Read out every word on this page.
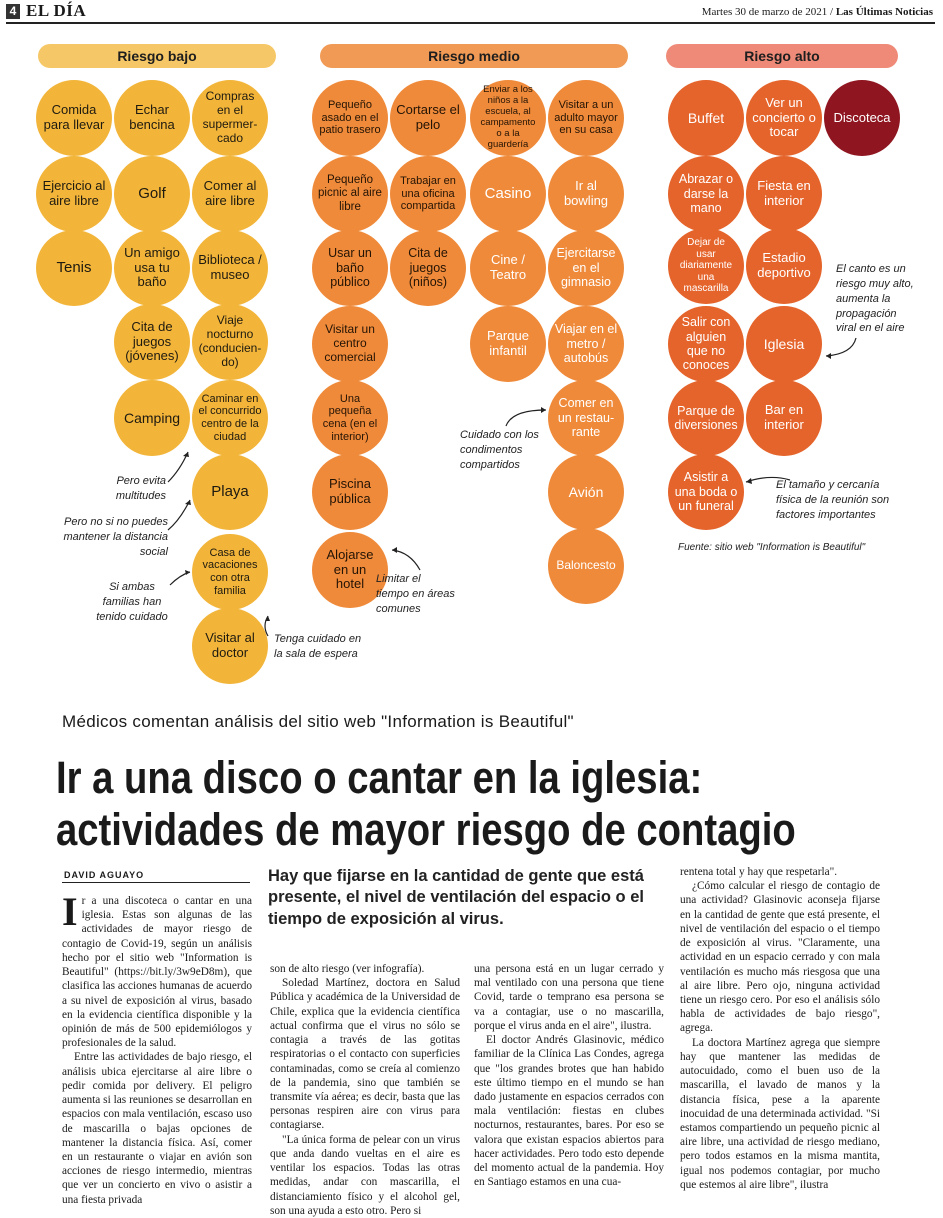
4 EL DÍA	Martes 30 de marzo de 2021 / Las Últimas Noticias
Riesgo bajo	Riesgo medio	Riesgo alto
Comida para llevar
Echar bencina
Compras en el supermer-cado
Ejercicio al aire libre	Golf	Comer al aire libre
Tenis
Un amigo usa tu baño
Biblioteca / museo
Cita de juegos (jóvenes)
Viaje nocturno (conducien-do)
Camping
Caminar en el concurrido centro de la ciudad
Playa
Casa de vacaciones con otra familia
Visitar al doctor
Pequeño asado en el patio trasero
Cortarse el pelo
Enviar a los niños a la escuela, al campamento o a la guardería
Visitar a un adulto mayor en su casa
Pequeño picnic al aire libre
Trabajar en una oficina compartida
Casino	Ir al bowling
Usar un baño público
Cita de juegos (niños)
Cine / Teatro
Ejercitarse en el gimnasio
Visitar un centro comercial
Parque infantil
Viajar en el metro / autobús
Una pequeña cena (en el interior)
Comer en un restau-rante
Piscina pública	Avión
Alojarse en un hotel
Baloncesto
Buffet
Ver un concierto o tocar
Discoteca
Abrazar o darse la mano
Fiesta en interior
Dejar de usar diariamente una mascarilla
Estadio deportivo
Salir con alguien que no conoces
Iglesia
Parque de diversiones
Bar en interior
Asistir a una boda o un funeral
Pero evita multitudes
Pero no si no puedes mantener la distancia social
Si ambas familias han tenido cuidado
Tenga cuidado en la sala de espera
Limitar el tiempo en áreas comunes
Cuidado con los condimentos compartidos
El canto es un riesgo muy alto, aumenta la propagación viral en el aire
El tamaño y cercanía física de la reunión son factores importantes
Fuente: sitio web "Information is Beautiful"
Médicos comentan análisis del sitio web "Information is Beautiful"
Ir a una disco o cantar en la iglesia:
actividades de mayor riesgo de contagio
DAVID AGUAYO	Hay que fijarse en la cantidad de gente que está presente, el nivel de ventilación del espacio o el tiempo de exposición al virus.

Ir a una discoteca o cantar en una iglesia. Estas son algunas de las actividades de mayor riesgo de contagio de Covid-19, según un análisis hecho por el sitio web "Information is Beautiful" (https://bit.ly/3w9eD8m), que clasifica las acciones humanas de acuerdo a su nivel de exposición al virus, basado en la evidencia científica disponible y la opinión de más de 500 epidemiólogos y profesionales de la salud.

Entre las actividades de bajo riesgo, el análisis ubica ejercitarse al aire libre o pedir comida por delivery. El peligro aumenta si las reuniones se desarrollan en espacios con mala ventilación, escaso uso de mascarilla o bajas opciones de mantener la distancia física. Así, comer en un restaurante o viajar en avión son acciones de riesgo intermedio, mientras que ver un concierto en vivo o asistir a una fiesta privada

son de alto riesgo (ver infografía).

Soledad Martínez, doctora en Salud Pública y académica de la Universidad de Chile, explica que la evidencia científica actual confirma que el virus no sólo se contagia a través de las gotitas respiratorias o el contacto con superficies contaminadas, como se creía al comienzo de la pandemia, sino que también se transmite vía aérea; es decir, basta que las personas respiren aire con virus para contagiarse.

"La única forma de pelear con un virus que anda dando vueltas en el aire es ventilar los espacios. Todas las otras medidas, andar con mascarilla, el distanciamiento físico y el alcohol gel, son una ayuda a esto otro. Pero si

una persona está en un lugar cerrado y mal ventilado con una persona que tiene Covid, tarde o temprano esa persona se va a contagiar, use o no mascarilla, porque el virus anda en el aire", ilustra.

El doctor Andrés Glasinovic, médico familiar de la Clínica Las Condes, agrega que "los grandes brotes que han habido este último tiempo en el mundo se han dado justamente en espacios cerrados con mala ventilación: fiestas en clubes nocturnos, restaurantes, bares. Por eso se valora que existan espacios abiertos para hacer actividades. Pero todo esto depende del momento actual de la pandemia. Hoy en Santiago estamos en una cua-

rentena total y hay que respetarla".

¿Cómo calcular el riesgo de contagio de una actividad? Glasinovic aconseja fijarse en la cantidad de gente que está presente, el nivel de ventilación del espacio o el tiempo de exposición al virus. "Claramente, una actividad en un espacio cerrado y con mala ventilación es mucho más riesgosa que una al aire libre. Pero ojo, ninguna actividad tiene un riesgo cero. Por eso el análisis sólo habla de actividades de bajo riesgo", agrega.

La doctora Martínez agrega que siempre hay que mantener las medidas de autocuidado, como el buen uso de la mascarilla, el lavado de manos y la distancia física, pese a la aparente inocuidad de una determinada actividad. "Si estamos compartiendo un pequeño picnic al aire libre, una actividad de riesgo mediano, pero todos estamos en la misma mantita, igual nos podemos contagiar, por mucho que estemos al aire libre", ilustra
